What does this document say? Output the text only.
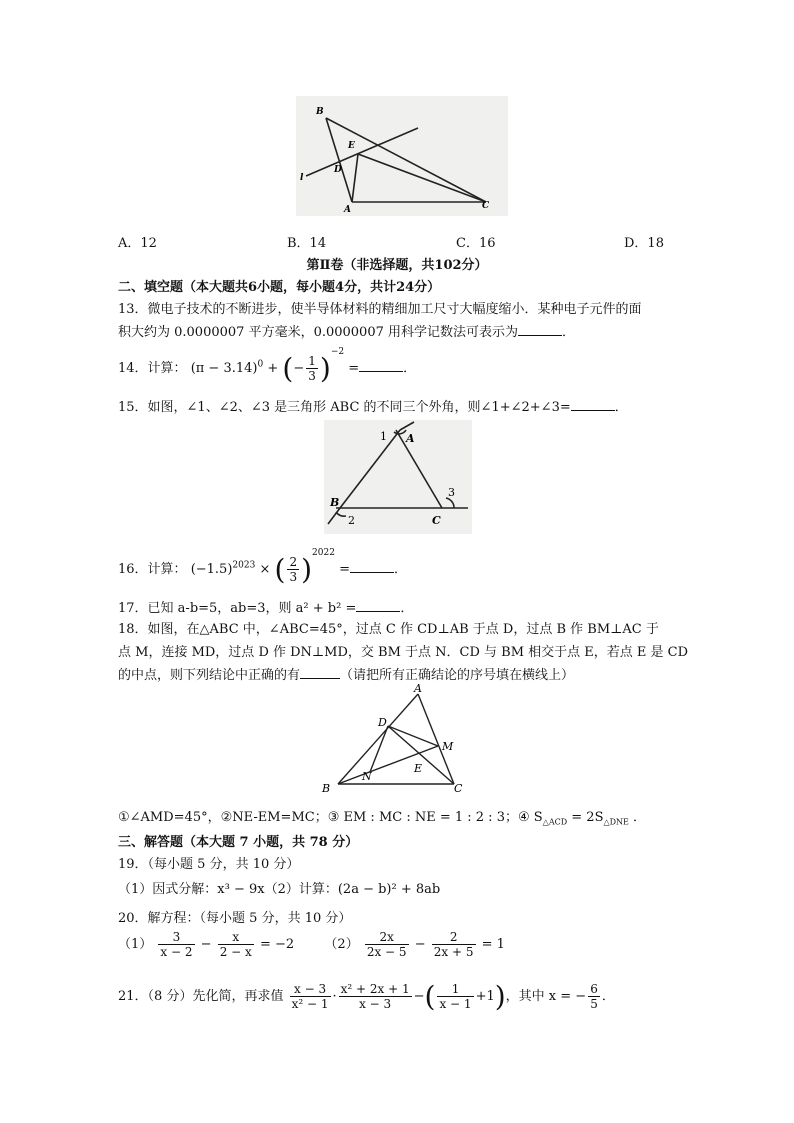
B
E
D
l
A	C
A．12	B．14	C．16	D．18
第Ⅱ卷（非选择题，共102分）
二、填空题（本大题共6小题，每小题4分，共计24分）
13．微电子技术的不断进步，使半导体材料的精细加工尺寸大幅度缩小．某种电子元件的面
积大约为 0.0000007 平方毫米，0.0000007 用科学记数法可表示为	．
14．计算： $(\pi - 3.14)^0$ + (− $\frac{1}{3} )^{-2}$ =	．
15．如图，∠1、∠2、∠3 是三角形 ABC 的不同三个外角，则∠1+∠2+∠3=	．
1 A
B
2	C
3
16．计算： $(-1.5)^{2023}$ × ( $\frac{2}{3} )^{2022}$ =	．
17．已知 a-b=5，ab=3，则 a² + b² =	．
18．如图，在△ABC 中，∠ABC=45°，过点 C 作 CD⊥AB 于点 D，过点 B 作 BM⊥AC 于
点 M，连接 MD，过点 D 作 DN⊥MD，交 BM 于点 N．CD 与 BM 相交于点 E，若点 E 是 CD
的中点，则下列结论中正确的有	（请把所有正确结论的序号填在横线上）
A
D
M
N
E
B	C
①∠AMD=45°，②NE-EM=MC；③ EM : MC : NE = 1 : 2 : 3；④ $S_{\triangle ACD} = 2S_{\triangle DNE}$ ．
三、解答题（本大题 7 小题，共 78 分）
19．（每小题 5 分，共 10 分）
（1）因式分解：x³ − 9x（2）计算：(2a − b)² + 8ab
20．解方程：（每小题 5 分，共 10 分）
$(1) \frac{3}{x - 2} - \frac{x}{2 - x} = -2$ $(2) \frac{2x}{2x - 5} - \frac{2}{2x + 5} = 1$
21．（8 分）先化简，再求值 $\frac{x - 3}{\text{x² − 1}} \cdot \frac{\text{x² + 2x + 1}}{x - 3}$ −( $\frac{1}{x - 1} +1$)，其中 x = − $\frac{6}{5}$ ．
